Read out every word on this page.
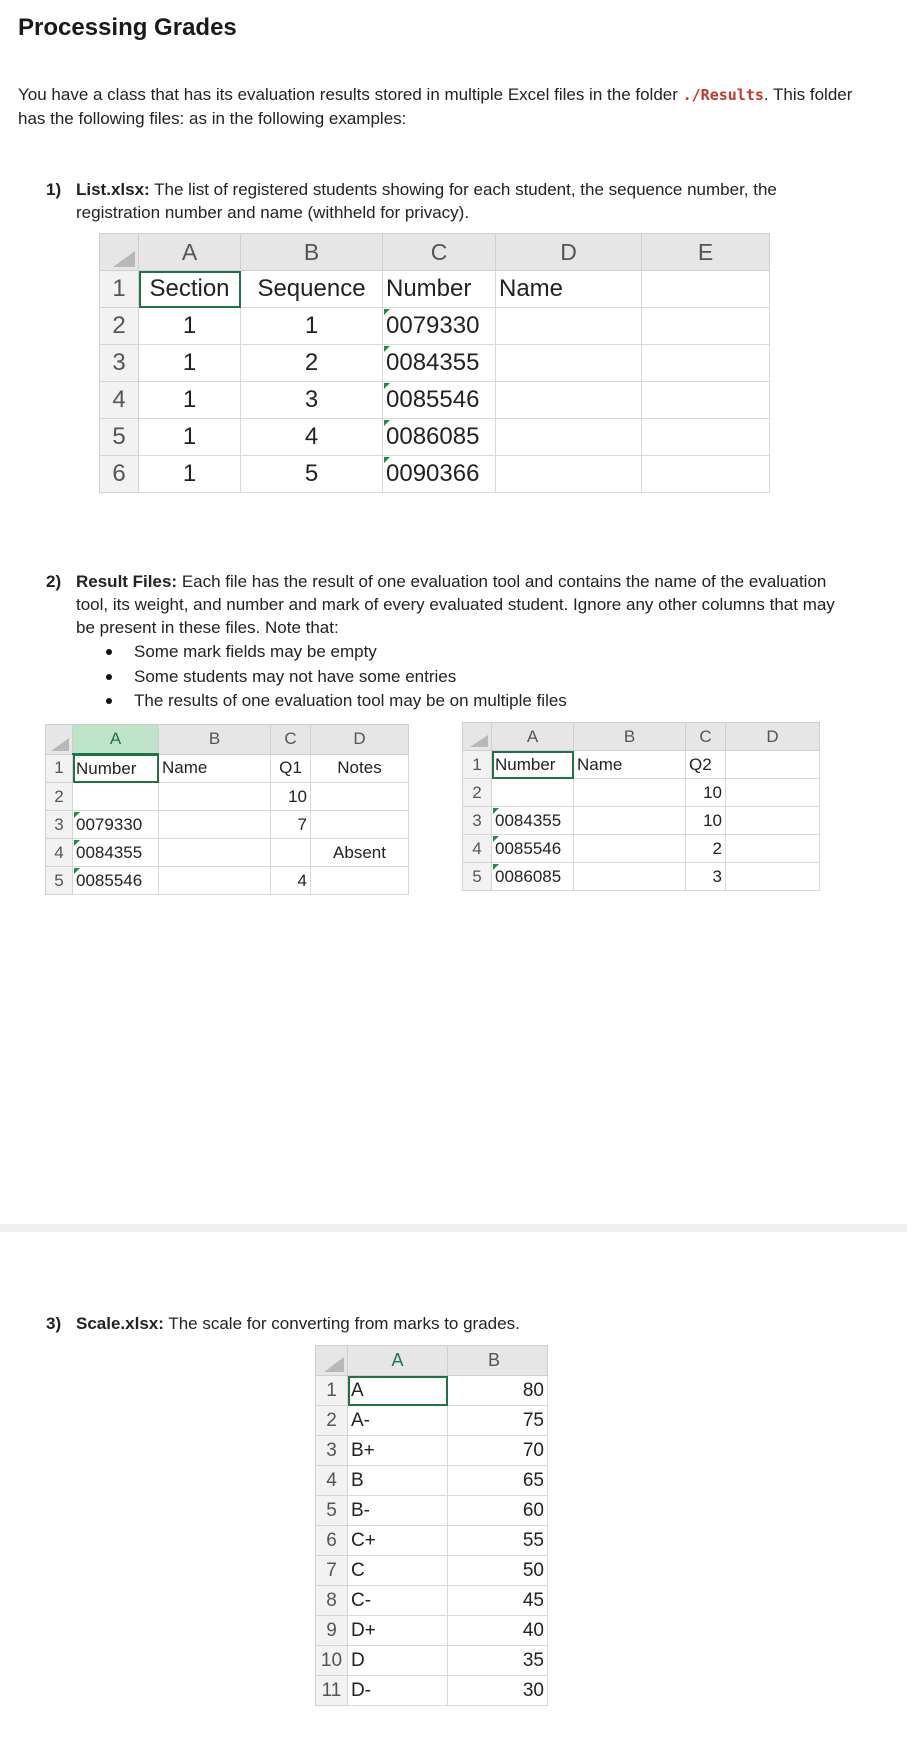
Processing Grades
You have a class that has its evaluation results stored in multiple Excel files in the folder ./Results. This folder has the following files: as in the following examples:
1) List.xlsx: The list of registered students showing for each student, the sequence number, the registration number and name (withheld for privacy).
	A	B	C	D	E
1	Section	Sequence	Number	Name	
2	1	1	0079330		
3	1	2	0084355		
4	1	3	0085546		
5	1	4	0086085		
6	1	5	0090366		
2) Result Files: Each file has the result of one evaluation tool and contains the name of the evaluation tool, its weight, and number and mark of every evaluated student. Ignore any other columns that may be present in these files. Note that:
Some mark fields may be empty
Some students may not have some entries
The results of one evaluation tool may be on multiple files
	A	B	C	D
1	Number	Name	Q1	Notes
2			10	
3	0079330		7	
4	0084355			Absent
5	0085546		4	
	A	B	C	D
1	Number	Name	Q2	
2			10	
3	0084355		10	
4	0085546		2	
5	0086085		3	
3) Scale.xlsx: The scale for converting from marks to grades.
	A	B
1	A	80
2	A-	75
3	B+	70
4	B	65
5	B-	60
6	C+	55
7	C	50
8	C-	45
9	D+	40
10	D	35
11	D-	30
